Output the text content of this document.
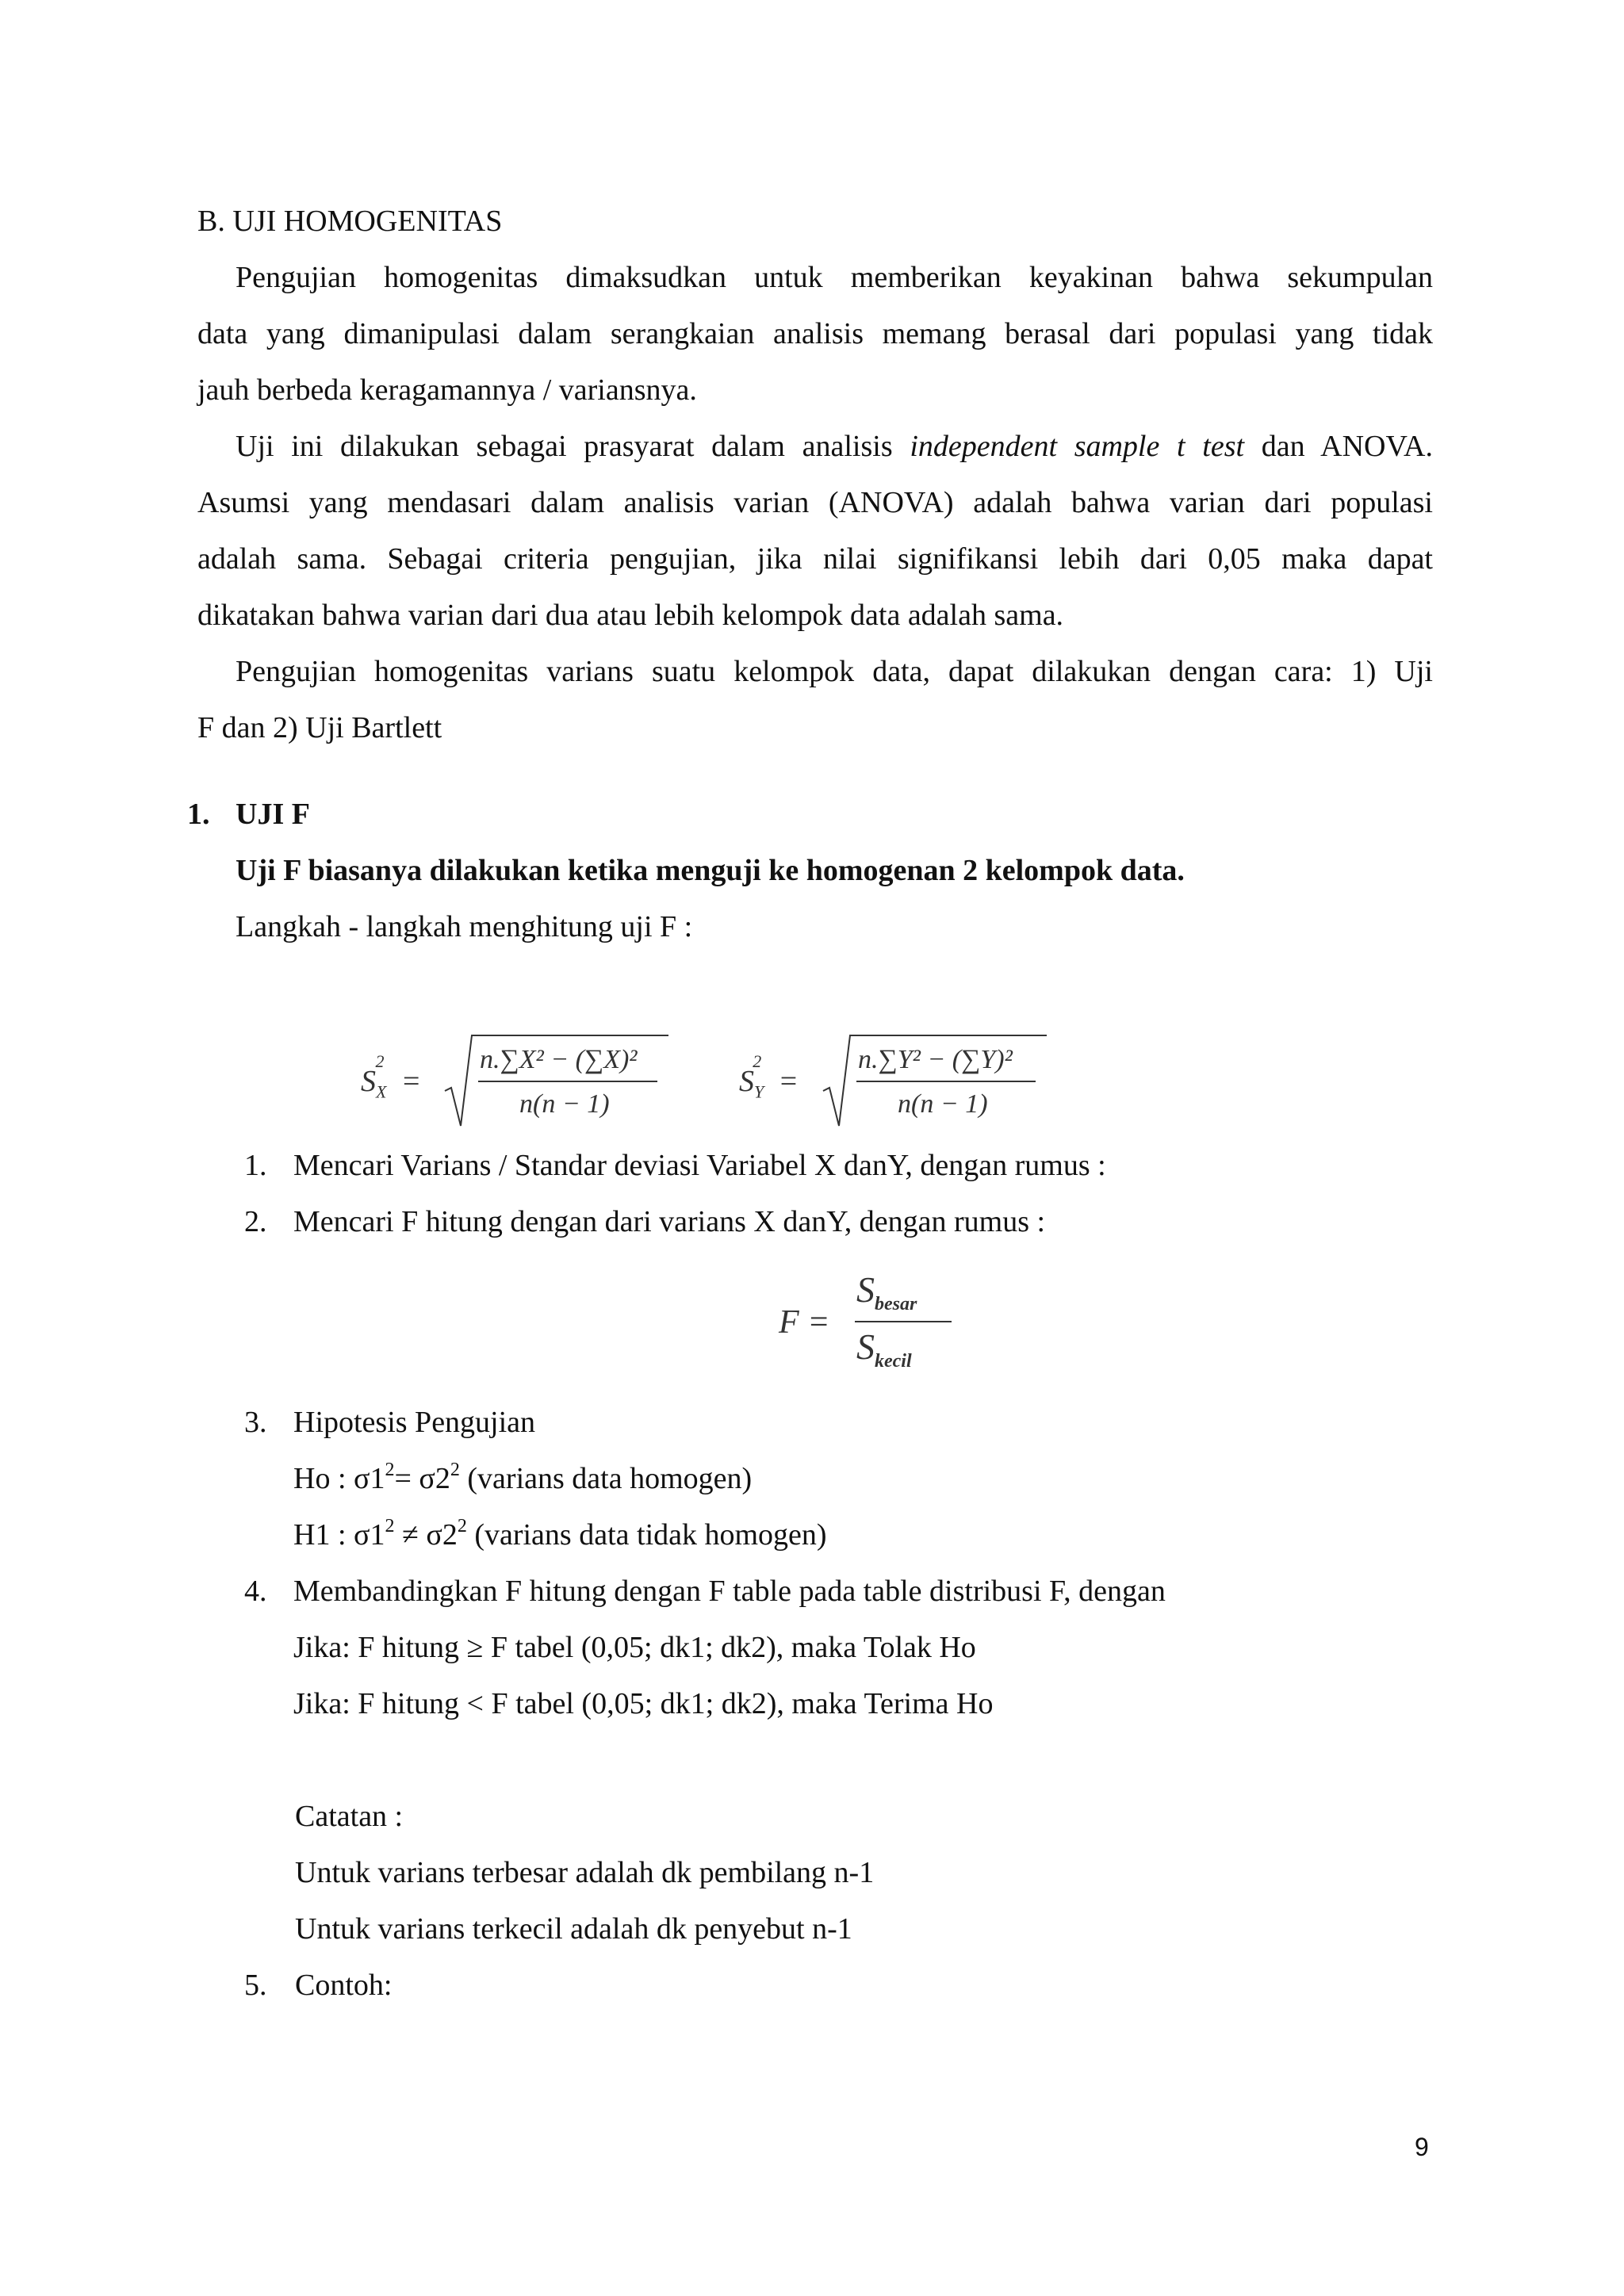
B. UJI HOMOGENITAS
Pengujian homogenitas dimaksudkan untuk memberikan keyakinan bahwa sekumpulan
data yang dimanipulasi dalam serangkaian analisis memang berasal dari populasi yang tidak
jauh berbeda keragamannya / variansnya.
Uji ini dilakukan sebagai prasyarat dalam analisis independent sample t test dan ANOVA.
Asumsi yang mendasari dalam analisis varian (ANOVA) adalah bahwa varian dari populasi
adalah sama. Sebagai criteria pengujian, jika nilai signifikansi lebih dari 0,05 maka dapat
dikatakan bahwa varian dari dua atau lebih kelompok data adalah sama.
Pengujian homogenitas varians suatu kelompok data, dapat dilakukan dengan cara: 1) Uji
F dan 2) Uji Bartlett
1. UJI F
Uji F biasanya dilakukan ketika menguji ke homogenan 2 kelompok data.
Langkah - langkah menghitung uji F :
$S_X^2$ =
n.∑X² − (∑X)²
n(n − 1)
$S_Y^2$ =
n.∑Y² − (∑Y)²
n(n − 1)
1. Mencari Varians / Standar deviasi Variabel X danY, dengan rumus :
2. Mencari F hitung dengan dari varians X danY, dengan rumus :
F =
$S_{besar}$
$S_{kecil}$
3. Hipotesis Pengujian
Ho : $\sigma 1^2= \sigma 2^2$ (varians data homogen)
H1 : $\sigma 1^2 \ne \sigma 2^2$ (varians data tidak homogen)
4. Membandingkan F hitung dengan F table pada table distribusi F, dengan
Jika: F hitung ≥ F tabel (0,05; dk1; dk2), maka Tolak Ho
Jika: F hitung < F tabel (0,05; dk1; dk2), maka Terima Ho
Catatan :
Untuk varians terbesar adalah dk pembilang n-1
Untuk varians terkecil adalah dk penyebut n-1
5. Contoh:
9
